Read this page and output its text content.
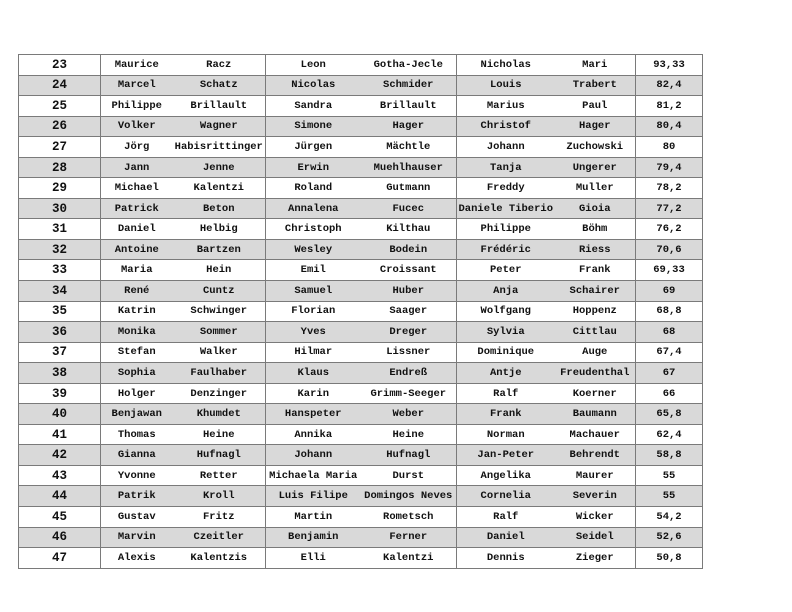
23	Maurice	Racz	Leon	Gotha-Jecle	Nicholas	Mari	93,33
24	Marcel	Schatz	Nicolas	Schmider	Louis	Trabert	82,4
25	Philippe	Brillault	Sandra	Brillault	Marius	Paul	81,2
26	Volker	Wagner	Simone	Hager	Christof	Hager	80,4
27	Jörg	Habisrittinger	Jürgen	Mächtle	Johann	Zuchowski	80
28	Jann	Jenne	Erwin	Muehlhauser	Tanja	Ungerer	79,4
29	Michael	Kalentzi	Roland	Gutmann	Freddy	Muller	78,2
30	Patrick	Beton	Annalena	Fucec	Daniele Tiberio	Gioia	77,2
31	Daniel	Helbig	Christoph	Kilthau	Philippe	Böhm	76,2
32	Antoine	Bartzen	Wesley	Bodein	Frédéric	Riess	70,6
33	Maria	Hein	Emil	Croissant	Peter	Frank	69,33
34	René	Cuntz	Samuel	Huber	Anja	Schairer	69
35	Katrin	Schwinger	Florian	Saager	Wolfgang	Hoppenz	68,8
36	Monika	Sommer	Yves	Dreger	Sylvia	Cittlau	68
37	Stefan	Walker	Hilmar	Lissner	Dominique	Auge	67,4
38	Sophia	Faulhaber	Klaus	Endreß	Antje	Freudenthal	67
39	Holger	Denzinger	Karin	Grimm-Seeger	Ralf	Koerner	66
40	Benjawan	Khumdet	Hanspeter	Weber	Frank	Baumann	65,8
41	Thomas	Heine	Annika	Heine	Norman	Machauer	62,4
42	Gianna	Hufnagl	Johann	Hufnagl	Jan-Peter	Behrendt	58,8
43	Yvonne	Retter	Michaela Maria	Durst	Angelika	Maurer	55
44	Patrik	Kroll	Luis Filipe	Domingos Neves	Cornelia	Severin	55
45	Gustav	Fritz	Martin	Rometsch	Ralf	Wicker	54,2
46	Marvin	Czeitler	Benjamin	Ferner	Daniel	Seidel	52,6
47	Alexis	Kalentzis	Elli	Kalentzi	Dennis	Zieger	50,8
